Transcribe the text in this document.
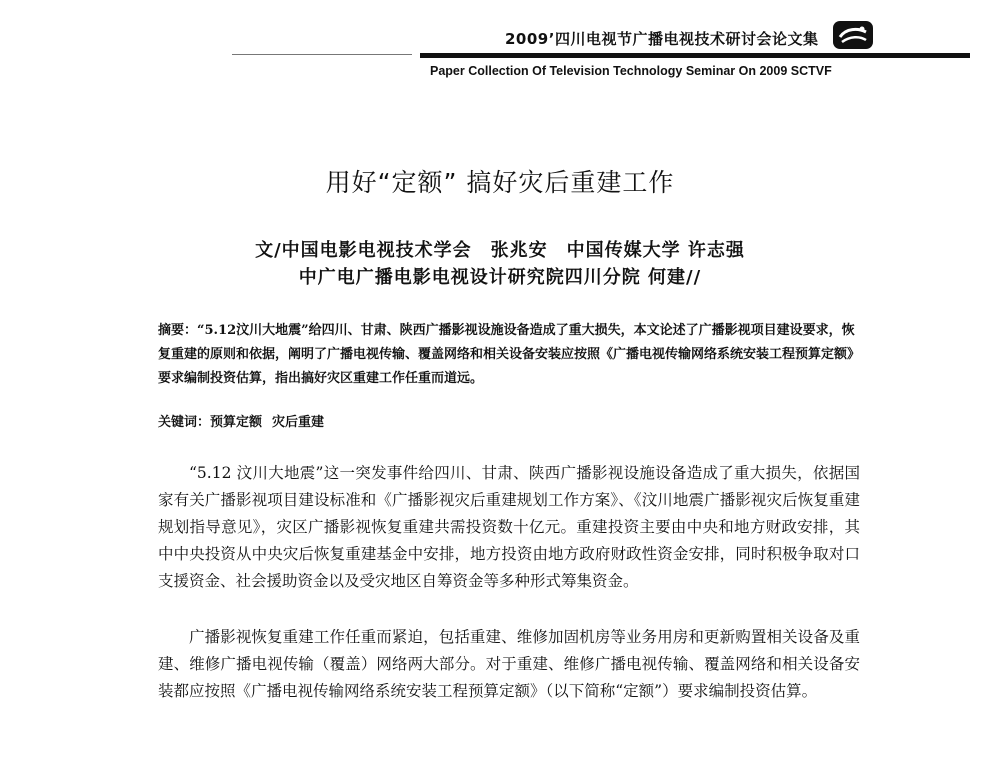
2009’四川电视节广播电视技术研讨会论文集
Paper Collection Of Television Technology Seminar On 2009 SCTVF
用好“定额” 搞好灾后重建工作
文/中国电影电视技术学会　张兆安　中国传媒大学 许志强
中广电广播电影电视设计研究院四川分院 何建//

摘要：“5.12汶川大地震”给四川、甘肃、陕西广播影视设施设备造成了重大损失，本文论述了广播影视项目建设要求，恢复重建的原则和依据，阐明了广播电视传输、覆盖网络和相关设备安装应按照《广播电视传输网络系统安装工程预算定额》要求编制投资估算，指出搞好灾区重建工作任重而道远。

关键词：预算定额 灾后重建

“5.12 汶川大地震”这一突发事件给四川、甘肃、陕西广播影视设施设备造成了重大损失，依据国家有关广播影视项目建设标准和《广播影视灾后重建规划工作方案》、《汶川地震广播影视灾后恢复重建规划指导意见》，灾区广播影视恢复重建共需投资数十亿元。重建投资主要由中央和地方财政安排，其中中央投资从中央灾后恢复重建基金中安排，地方投资由地方政府财政性资金安排，同时积极争取对口支援资金、社会援助资金以及受灾地区自筹资金等多种形式筹集资金。

广播影视恢复重建工作任重而紧迫，包括重建、维修加固机房等业务用房和更新购置相关设备及重建、维修广播电视传输（覆盖）网络两大部分。对于重建、维修广播电视传输、覆盖网络和相关设备安装都应按照《广播电视传输网络系统安装工程预算定额》（以下简称“定额”）要求编制投资估算。
